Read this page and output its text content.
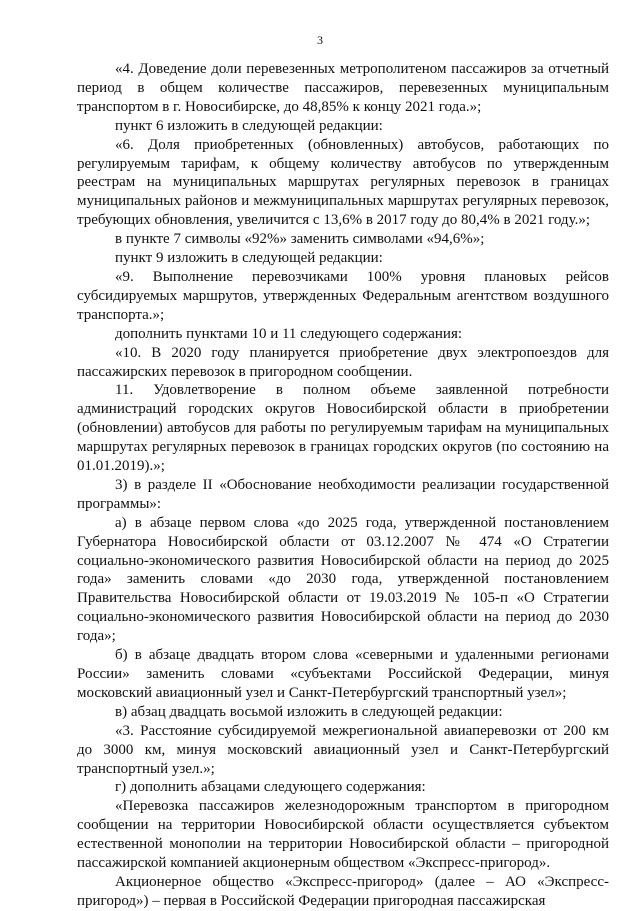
3

«4. Доведение доли перевезенных метрополитеном пассажиров за отчетный период в общем количестве пассажиров, перевезенных муниципальным транспортом в г. Новосибирске, до 48,85% к концу 2021 года.»;

пункт 6 изложить в следующей редакции:

«6. Доля приобретенных (обновленных) автобусов, работающих по регулируемым тарифам, к общему количеству автобусов по утвержденным реестрам на муниципальных маршрутах регулярных перевозок в границах муниципальных районов и межмуниципальных маршрутах регулярных перевозок, требующих обновления, увеличится с 13,6% в 2017 году до 80,4% в 2021 году.»;

в пункте 7 символы «92%» заменить символами «94,6%»;

пункт 9 изложить в следующей редакции:

«9. Выполнение перевозчиками 100% уровня плановых рейсов субсидируемых маршрутов, утвержденных Федеральным агентством воздушного транспорта.»;

дополнить пунктами 10 и 11 следующего содержания:

«10. В 2020 году планируется приобретение двух электропоездов для пассажирских перевозок в пригородном сообщении.

11. Удовлетворение в полном объеме заявленной потребности администраций городских округов Новосибирской области в приобретении (обновлении) автобусов для работы по регулируемым тарифам на муниципальных маршрутах регулярных перевозок в границах городских округов (по состоянию на 01.01.2019).»;

3) в разделе II «Обоснование необходимости реализации государственной программы»:

а) в абзаце первом слова «до 2025 года, утвержденной постановлением Губернатора Новосибирской области от 03.12.2007 № 474 «О Стратегии социально-экономического развития Новосибирской области на период до 2025 года» заменить словами «до 2030 года, утвержденной постановлением Правительства Новосибирской области от 19.03.2019 № 105-п «О Стратегии социально-экономического развития Новосибирской области на период до 2030 года»;

б) в абзаце двадцать втором слова «северными и удаленными регионами России» заменить словами «субъектами Российской Федерации, минуя московский авиационный узел и Санкт-Петербургский транспортный узел»;

в) абзац двадцать восьмой изложить в следующей редакции:

«3. Расстояние субсидируемой межрегиональной авиаперевозки от 200 км до 3000 км, минуя московский авиационный узел и Санкт-Петербургский транспортный узел.»;

г) дополнить абзацами следующего содержания:

«Перевозка пассажиров железнодорожным транспортом в пригородном сообщении на территории Новосибирской области осуществляется субъектом естественной монополии на территории Новосибирской области – пригородной пассажирской компанией акционерным обществом «Экспресс-пригород».

Акционерное общество «Экспресс-пригород» (далее – АО «Экспресс-пригород») – первая в Российской Федерации пригородная пассажирская
